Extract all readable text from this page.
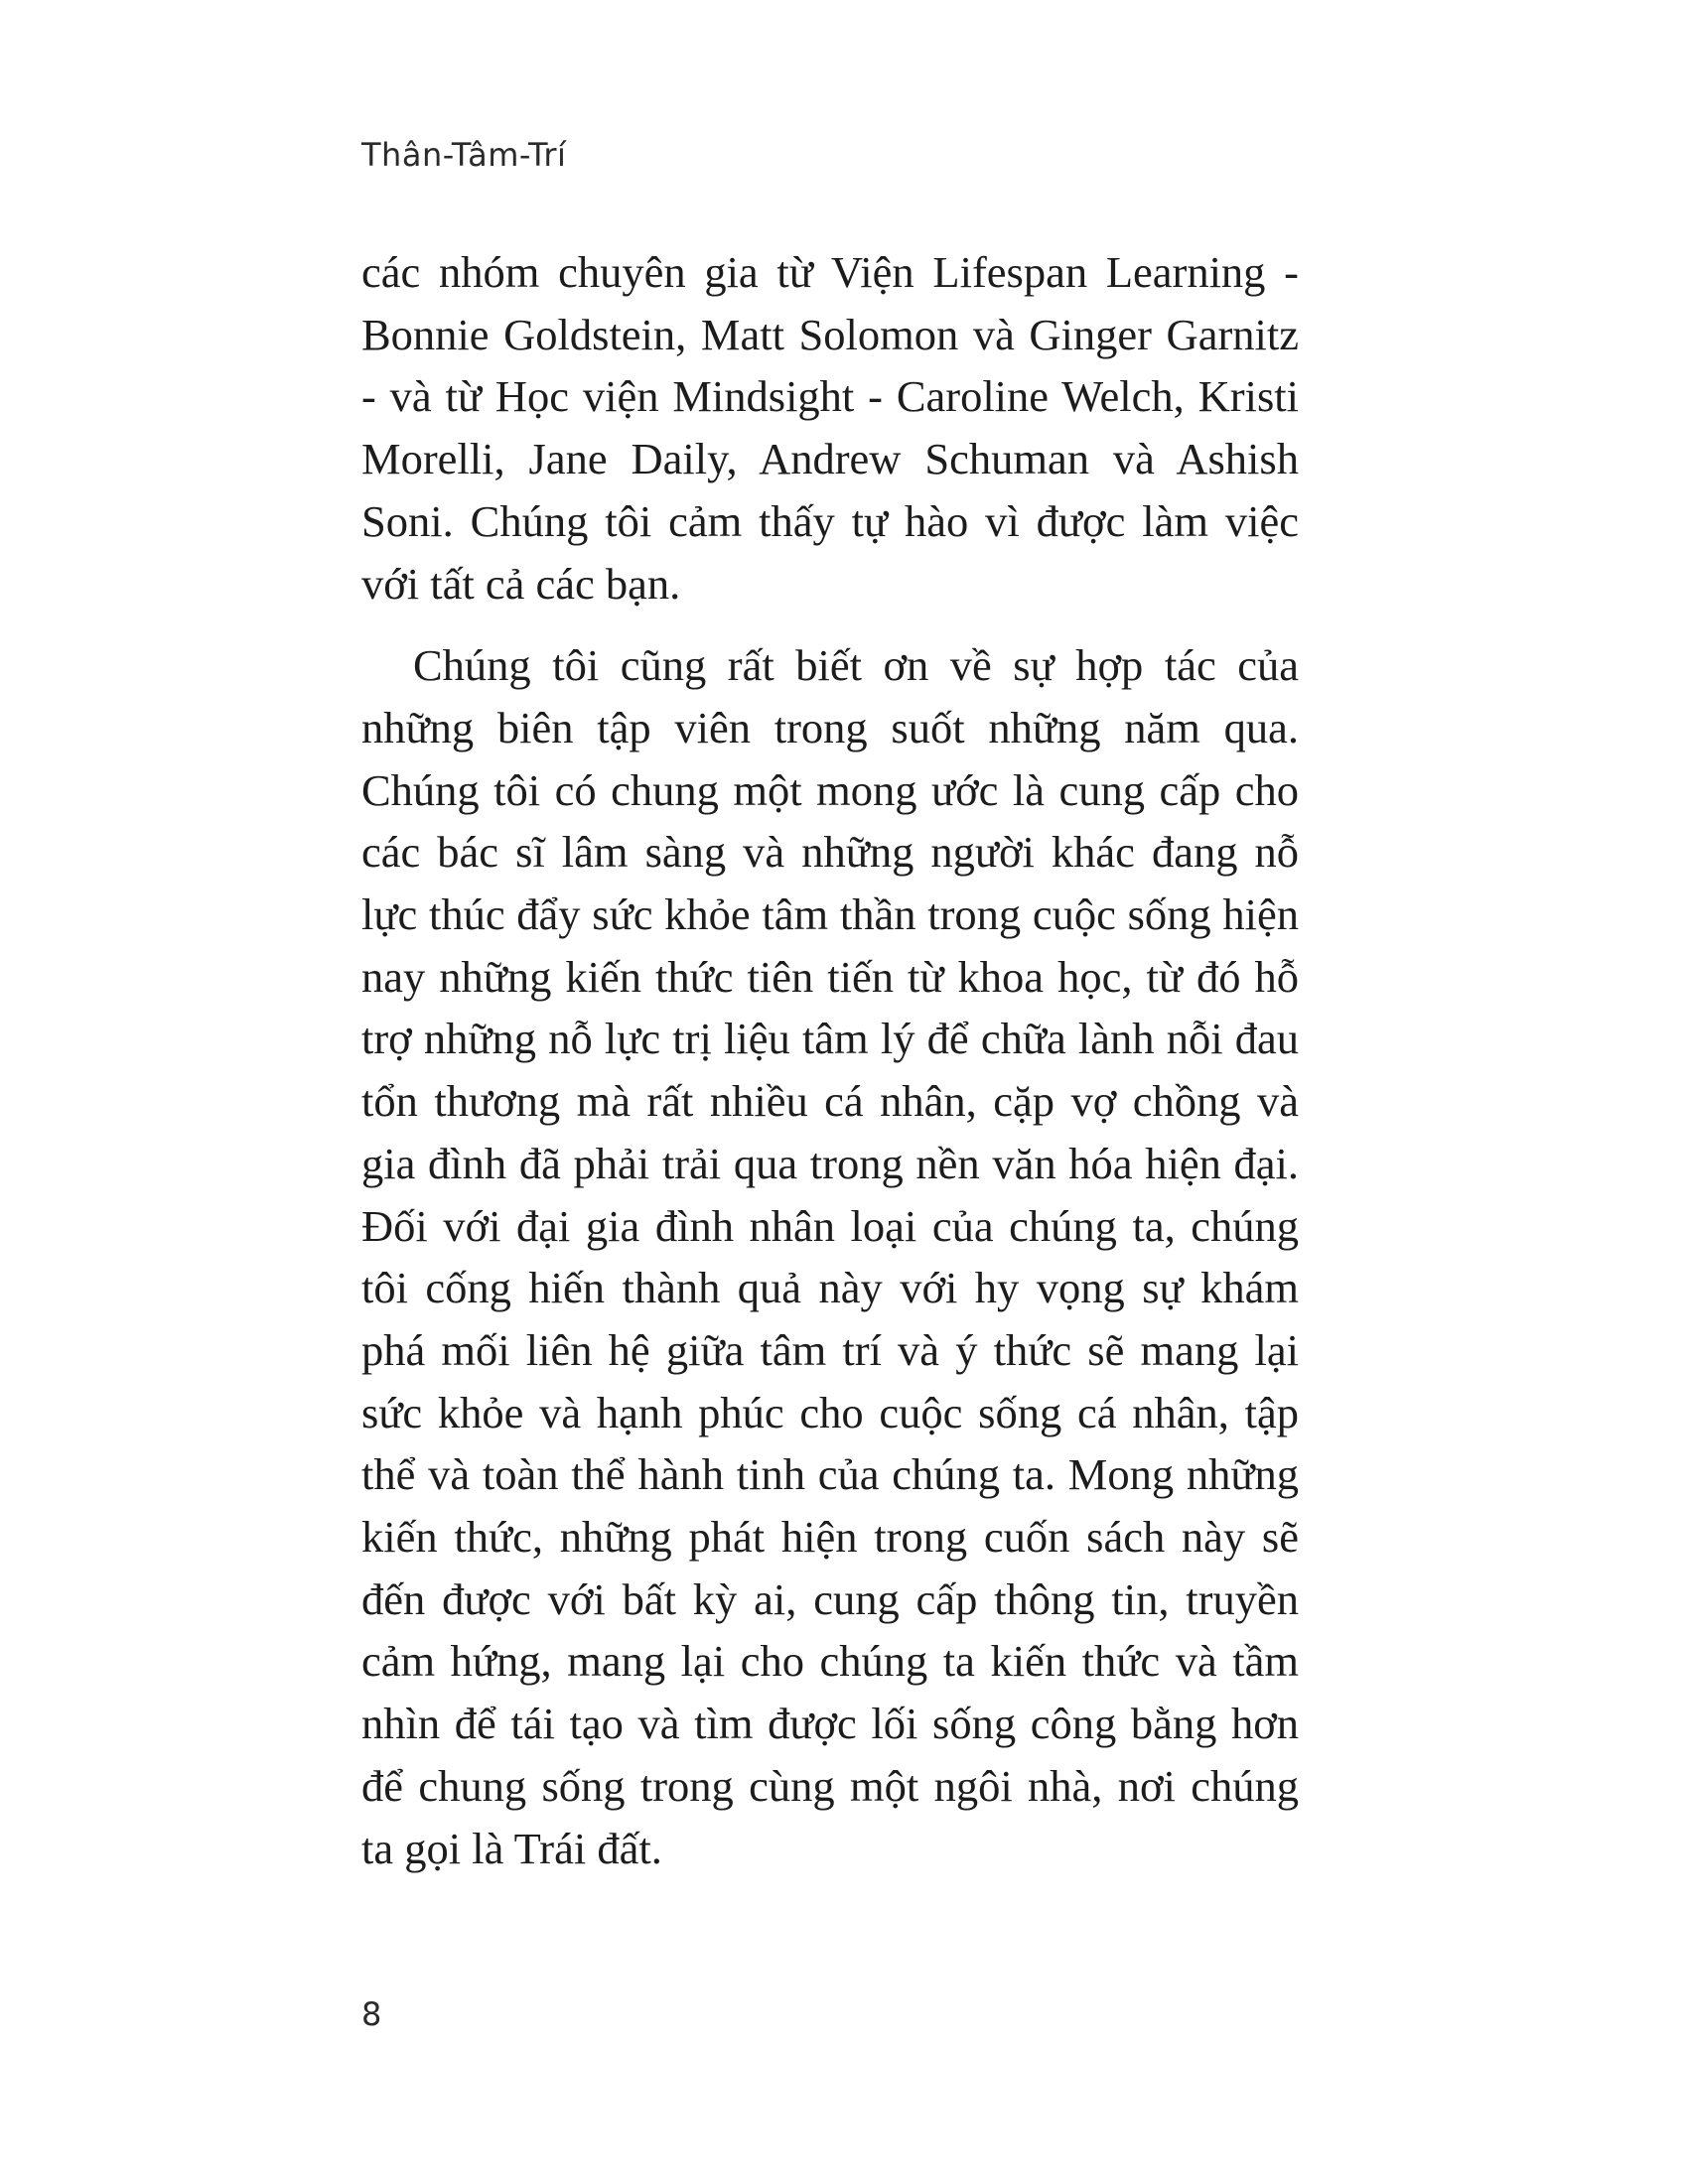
Thân-Tâm-Trí

các nhóm chuyên gia từ Viện Lifespan Learning - Bonnie Goldstein, Matt Solomon và Ginger Garnitz - và từ Học viện Mindsight - Caroline Welch, Kristi Morelli, Jane Daily, Andrew Schuman và Ashish Soni. Chúng tôi cảm thấy tự hào vì được làm việc với tất cả các bạn.

Chúng tôi cũng rất biết ơn về sự hợp tác của những biên tập viên trong suốt những năm qua. Chúng tôi có chung một mong ước là cung cấp cho các bác sĩ lâm sàng và những người khác đang nỗ lực thúc đẩy sức khỏe tâm thần trong cuộc sống hiện nay những kiến thức tiên tiến từ khoa học, từ đó hỗ trợ những nỗ lực trị liệu tâm lý để chữa lành nỗi đau tổn thương mà rất nhiều cá nhân, cặp vợ chồng và gia đình đã phải trải qua trong nền văn hóa hiện đại. Đối với đại gia đình nhân loại của chúng ta, chúng tôi cống hiến thành quả này với hy vọng sự khám phá mối liên hệ giữa tâm trí và ý thức sẽ mang lại sức khỏe và hạnh phúc cho cuộc sống cá nhân, tập thể và toàn thể hành tinh của chúng ta. Mong những kiến thức, những phát hiện trong cuốn sách này sẽ đến được với bất kỳ ai, cung cấp thông tin, truyền cảm hứng, mang lại cho chúng ta kiến thức và tầm nhìn để tái tạo và tìm được lối sống công bằng hơn để chung sống trong cùng một ngôi nhà, nơi chúng ta gọi là Trái đất.

8
